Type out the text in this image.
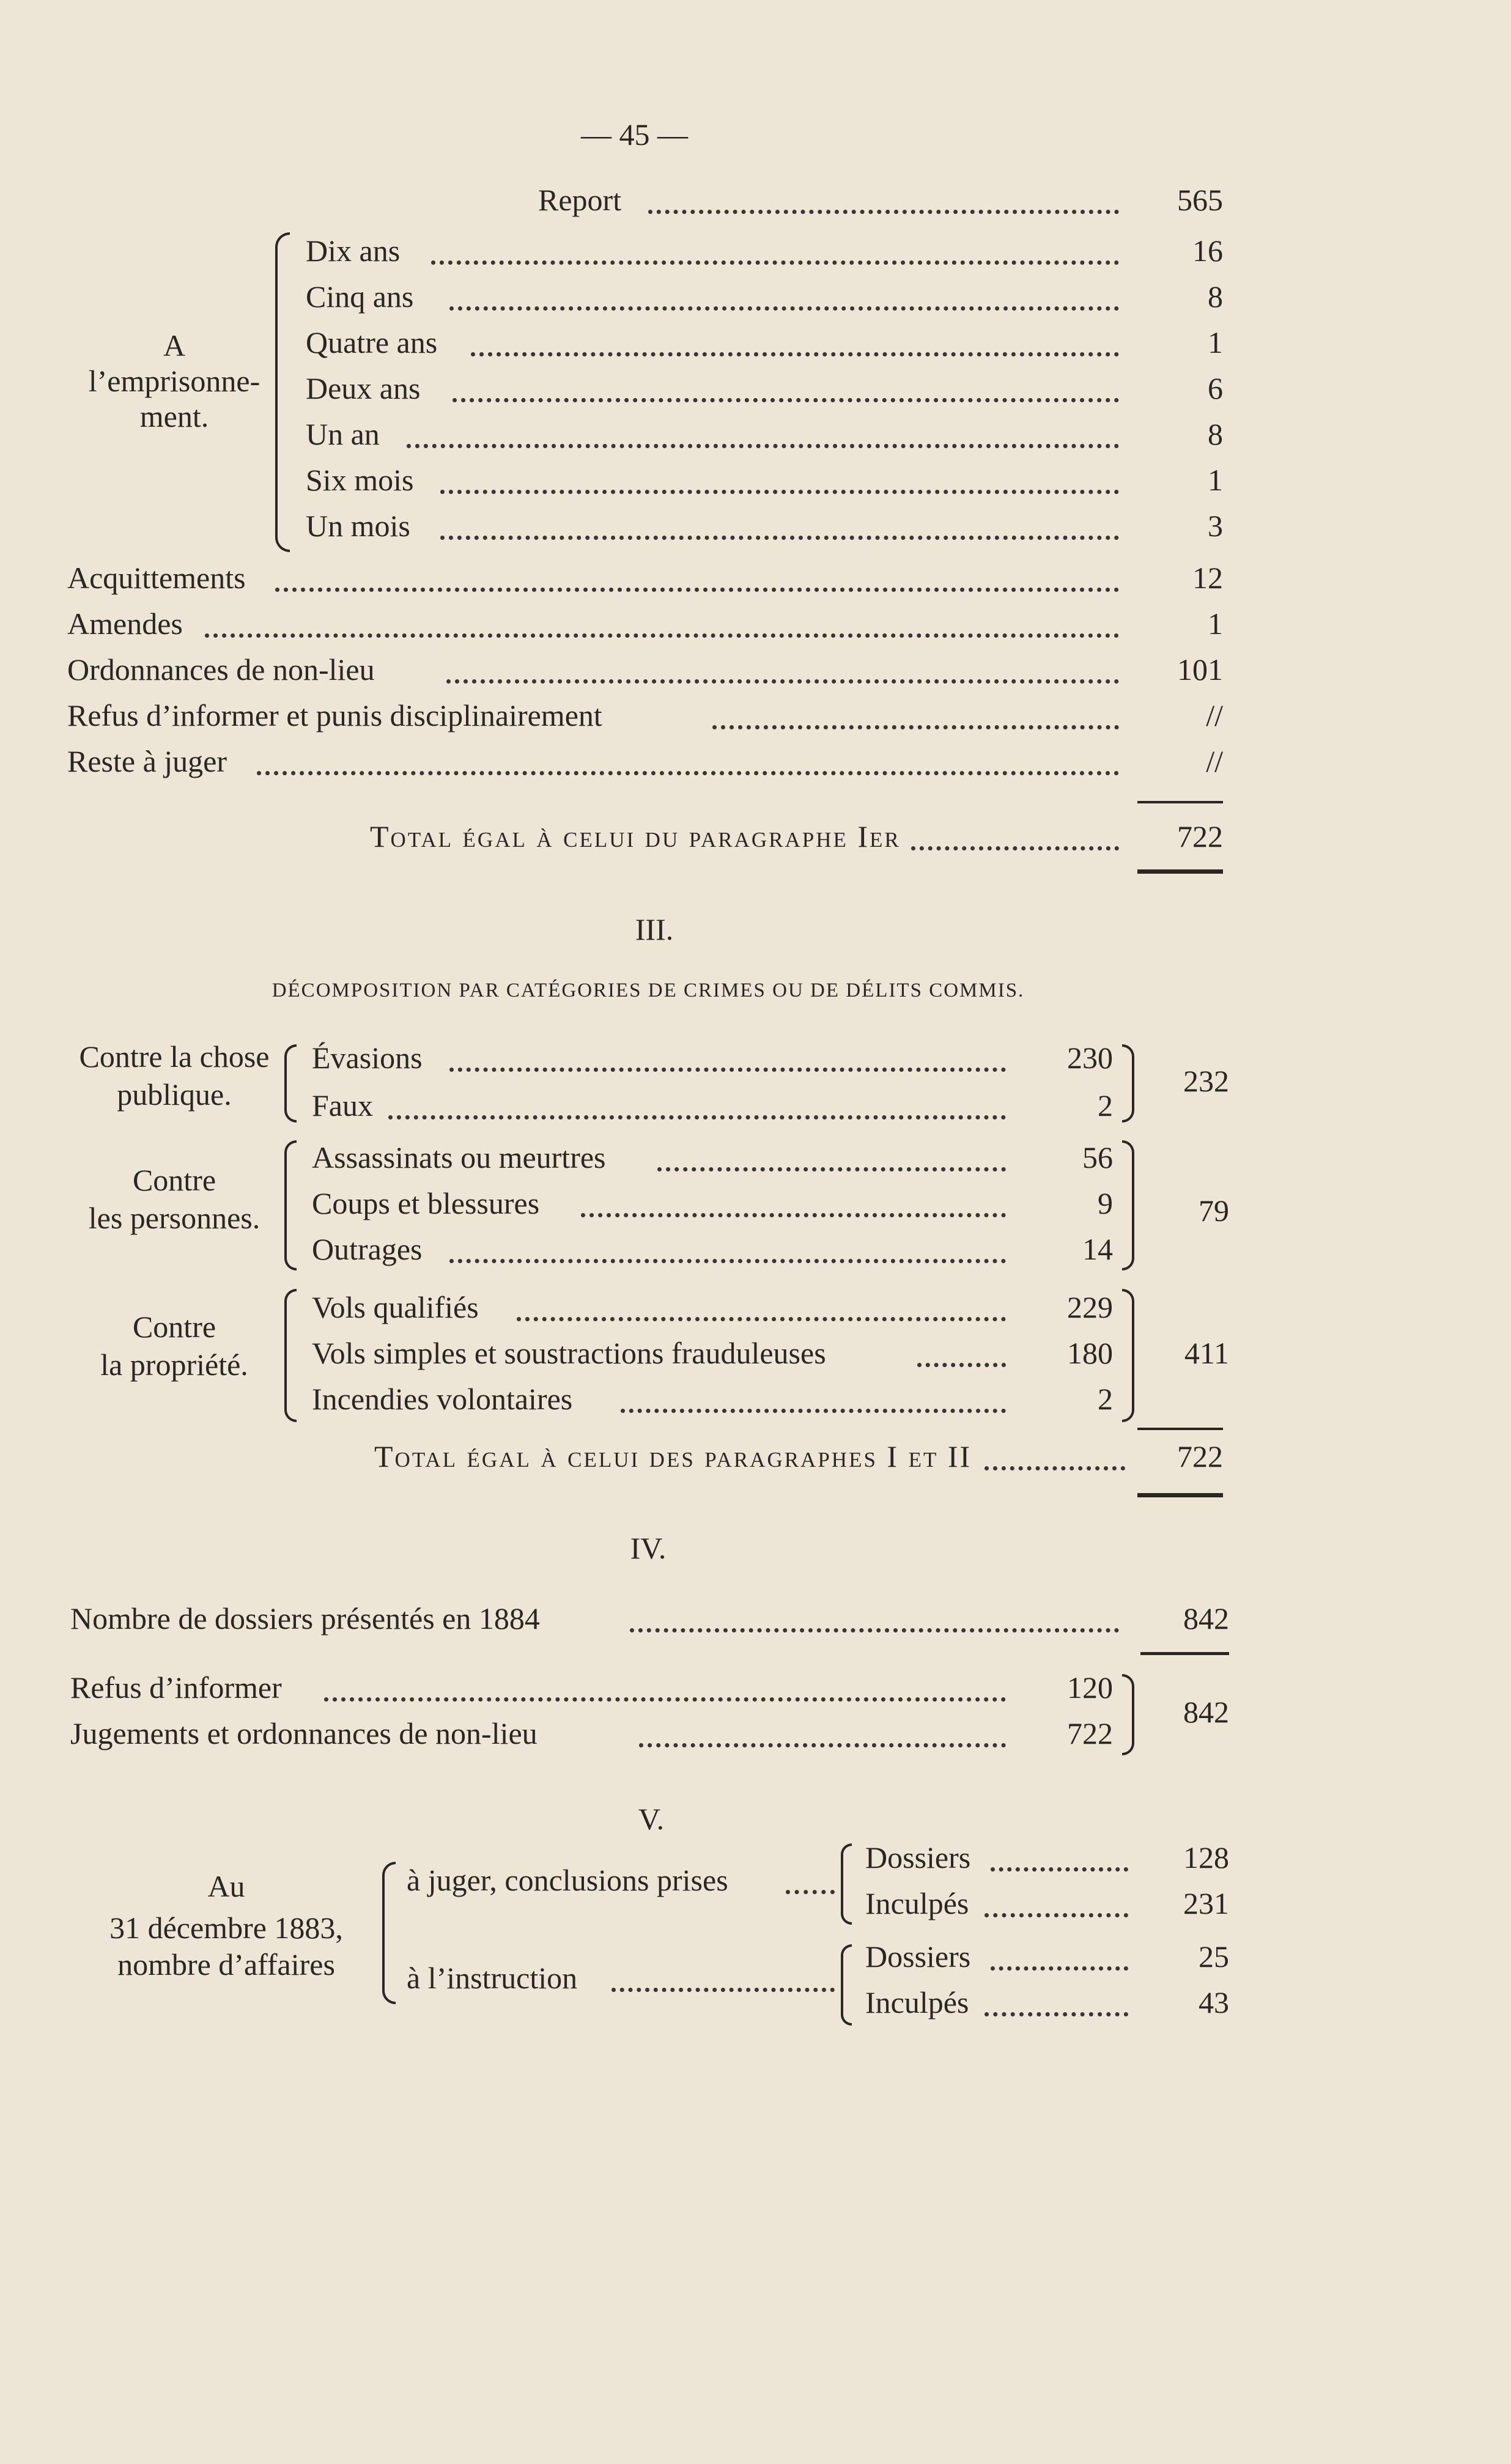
— 45 —
Report	565
A
l’emprisonne-
ment.
Dix ans	16
Cinq ans	8
Quatre ans	1
Deux ans	6
Un an	8
Six mois	1
Un mois	3
Acquittements	12
Amendes	1
Ordonnances de non-lieu	101
Refus d’informer et punis disciplinairement	//
Reste à juger	//
Total égal à celui du paragraphe Ier	722
III.
DÉCOMPOSITION PAR CATÉGORIES DE CRIMES OU DE DÉLITS COMMIS.
Contre la chose
publique.
Évasions	230
Faux	2
232
Contre
les personnes.
Assassinats ou meurtres	56
Coups et blessures	9
Outrages	14
79
Contre
la propriété.
Vols qualifiés	229
Vols simples et soustractions frauduleuses	180
Incendies volontaires	2
411
Total égal à celui des paragraphes I et II	722
IV.
Nombre de dossiers présentés en 1884	842
Refus d’informer	120
Jugements et ordonnances de non-lieu	722
842
V.
Au
31 décembre 1883,
nombre d’affaires
à juger, conclusions prises
Dossiers	128
Inculpés	231
à l’instruction
Dossiers	25
Inculpés	43
